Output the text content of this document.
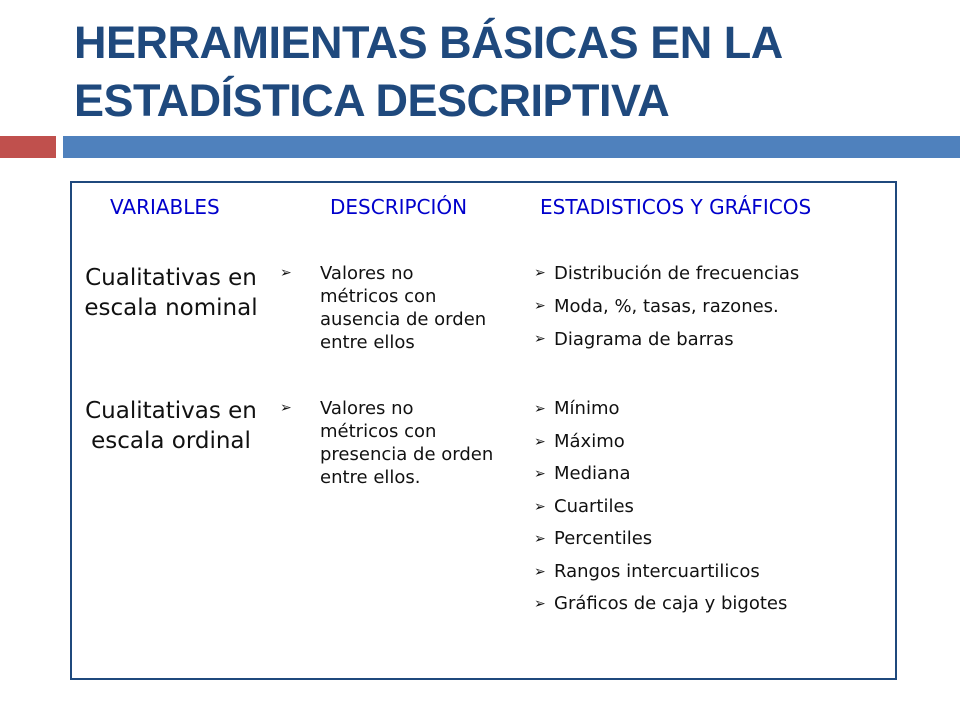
HERRAMIENTAS BÁSICAS EN LA
ESTADÍSTICA DESCRIPTIVA
VARIABLES	DESCRIPCIÓN	ESTADISTICOS Y GRÁFICOS
Cualitativas en
escala nominal
➢ Valores no
métricos con
ausencia de orden
entre ellos
➢ Distribución de frecuencias
➢ Moda, %, tasas, razones.
➢ Diagrama de barras
Cualitativas en
escala ordinal
➢ Valores no
métricos con
presencia de orden
entre ellos.
➢ Mínimo
➢ Máximo
➢ Mediana
➢ Cuartiles
➢ Percentiles
➢ Rangos intercuartilicos
➢ Gráficos de caja y bigotes
